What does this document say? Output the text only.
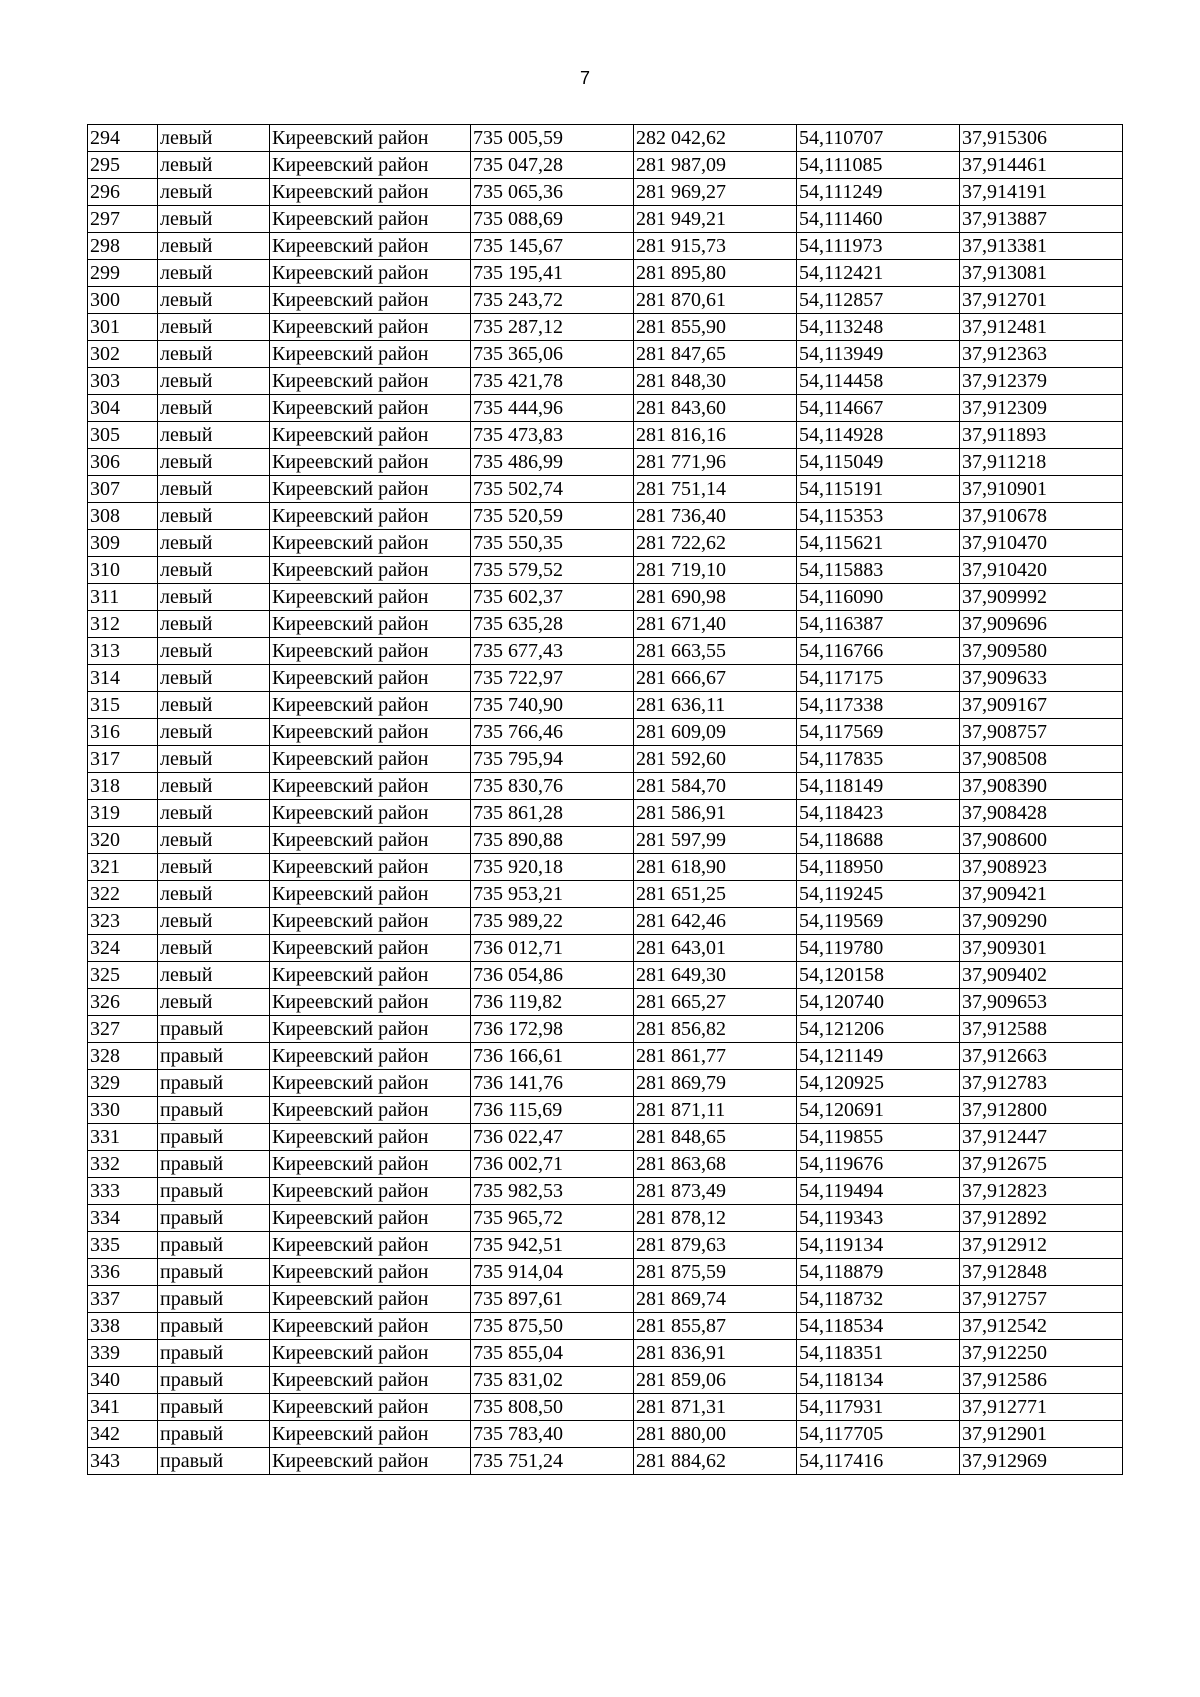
7
294	левый	Киреевский район	735 005,59	282 042,62	54,110707	37,915306
295	левый	Киреевский район	735 047,28	281 987,09	54,111085	37,914461
296	левый	Киреевский район	735 065,36	281 969,27	54,111249	37,914191
297	левый	Киреевский район	735 088,69	281 949,21	54,111460	37,913887
298	левый	Киреевский район	735 145,67	281 915,73	54,111973	37,913381
299	левый	Киреевский район	735 195,41	281 895,80	54,112421	37,913081
300	левый	Киреевский район	735 243,72	281 870,61	54,112857	37,912701
301	левый	Киреевский район	735 287,12	281 855,90	54,113248	37,912481
302	левый	Киреевский район	735 365,06	281 847,65	54,113949	37,912363
303	левый	Киреевский район	735 421,78	281 848,30	54,114458	37,912379
304	левый	Киреевский район	735 444,96	281 843,60	54,114667	37,912309
305	левый	Киреевский район	735 473,83	281 816,16	54,114928	37,911893
306	левый	Киреевский район	735 486,99	281 771,96	54,115049	37,911218
307	левый	Киреевский район	735 502,74	281 751,14	54,115191	37,910901
308	левый	Киреевский район	735 520,59	281 736,40	54,115353	37,910678
309	левый	Киреевский район	735 550,35	281 722,62	54,115621	37,910470
310	левый	Киреевский район	735 579,52	281 719,10	54,115883	37,910420
311	левый	Киреевский район	735 602,37	281 690,98	54,116090	37,909992
312	левый	Киреевский район	735 635,28	281 671,40	54,116387	37,909696
313	левый	Киреевский район	735 677,43	281 663,55	54,116766	37,909580
314	левый	Киреевский район	735 722,97	281 666,67	54,117175	37,909633
315	левый	Киреевский район	735 740,90	281 636,11	54,117338	37,909167
316	левый	Киреевский район	735 766,46	281 609,09	54,117569	37,908757
317	левый	Киреевский район	735 795,94	281 592,60	54,117835	37,908508
318	левый	Киреевский район	735 830,76	281 584,70	54,118149	37,908390
319	левый	Киреевский район	735 861,28	281 586,91	54,118423	37,908428
320	левый	Киреевский район	735 890,88	281 597,99	54,118688	37,908600
321	левый	Киреевский район	735 920,18	281 618,90	54,118950	37,908923
322	левый	Киреевский район	735 953,21	281 651,25	54,119245	37,909421
323	левый	Киреевский район	735 989,22	281 642,46	54,119569	37,909290
324	левый	Киреевский район	736 012,71	281 643,01	54,119780	37,909301
325	левый	Киреевский район	736 054,86	281 649,30	54,120158	37,909402
326	левый	Киреевский район	736 119,82	281 665,27	54,120740	37,909653
327	правый	Киреевский район	736 172,98	281 856,82	54,121206	37,912588
328	правый	Киреевский район	736 166,61	281 861,77	54,121149	37,912663
329	правый	Киреевский район	736 141,76	281 869,79	54,120925	37,912783
330	правый	Киреевский район	736 115,69	281 871,11	54,120691	37,912800
331	правый	Киреевский район	736 022,47	281 848,65	54,119855	37,912447
332	правый	Киреевский район	736 002,71	281 863,68	54,119676	37,912675
333	правый	Киреевский район	735 982,53	281 873,49	54,119494	37,912823
334	правый	Киреевский район	735 965,72	281 878,12	54,119343	37,912892
335	правый	Киреевский район	735 942,51	281 879,63	54,119134	37,912912
336	правый	Киреевский район	735 914,04	281 875,59	54,118879	37,912848
337	правый	Киреевский район	735 897,61	281 869,74	54,118732	37,912757
338	правый	Киреевский район	735 875,50	281 855,87	54,118534	37,912542
339	правый	Киреевский район	735 855,04	281 836,91	54,118351	37,912250
340	правый	Киреевский район	735 831,02	281 859,06	54,118134	37,912586
341	правый	Киреевский район	735 808,50	281 871,31	54,117931	37,912771
342	правый	Киреевский район	735 783,40	281 880,00	54,117705	37,912901
343	правый	Киреевский район	735 751,24	281 884,62	54,117416	37,912969
